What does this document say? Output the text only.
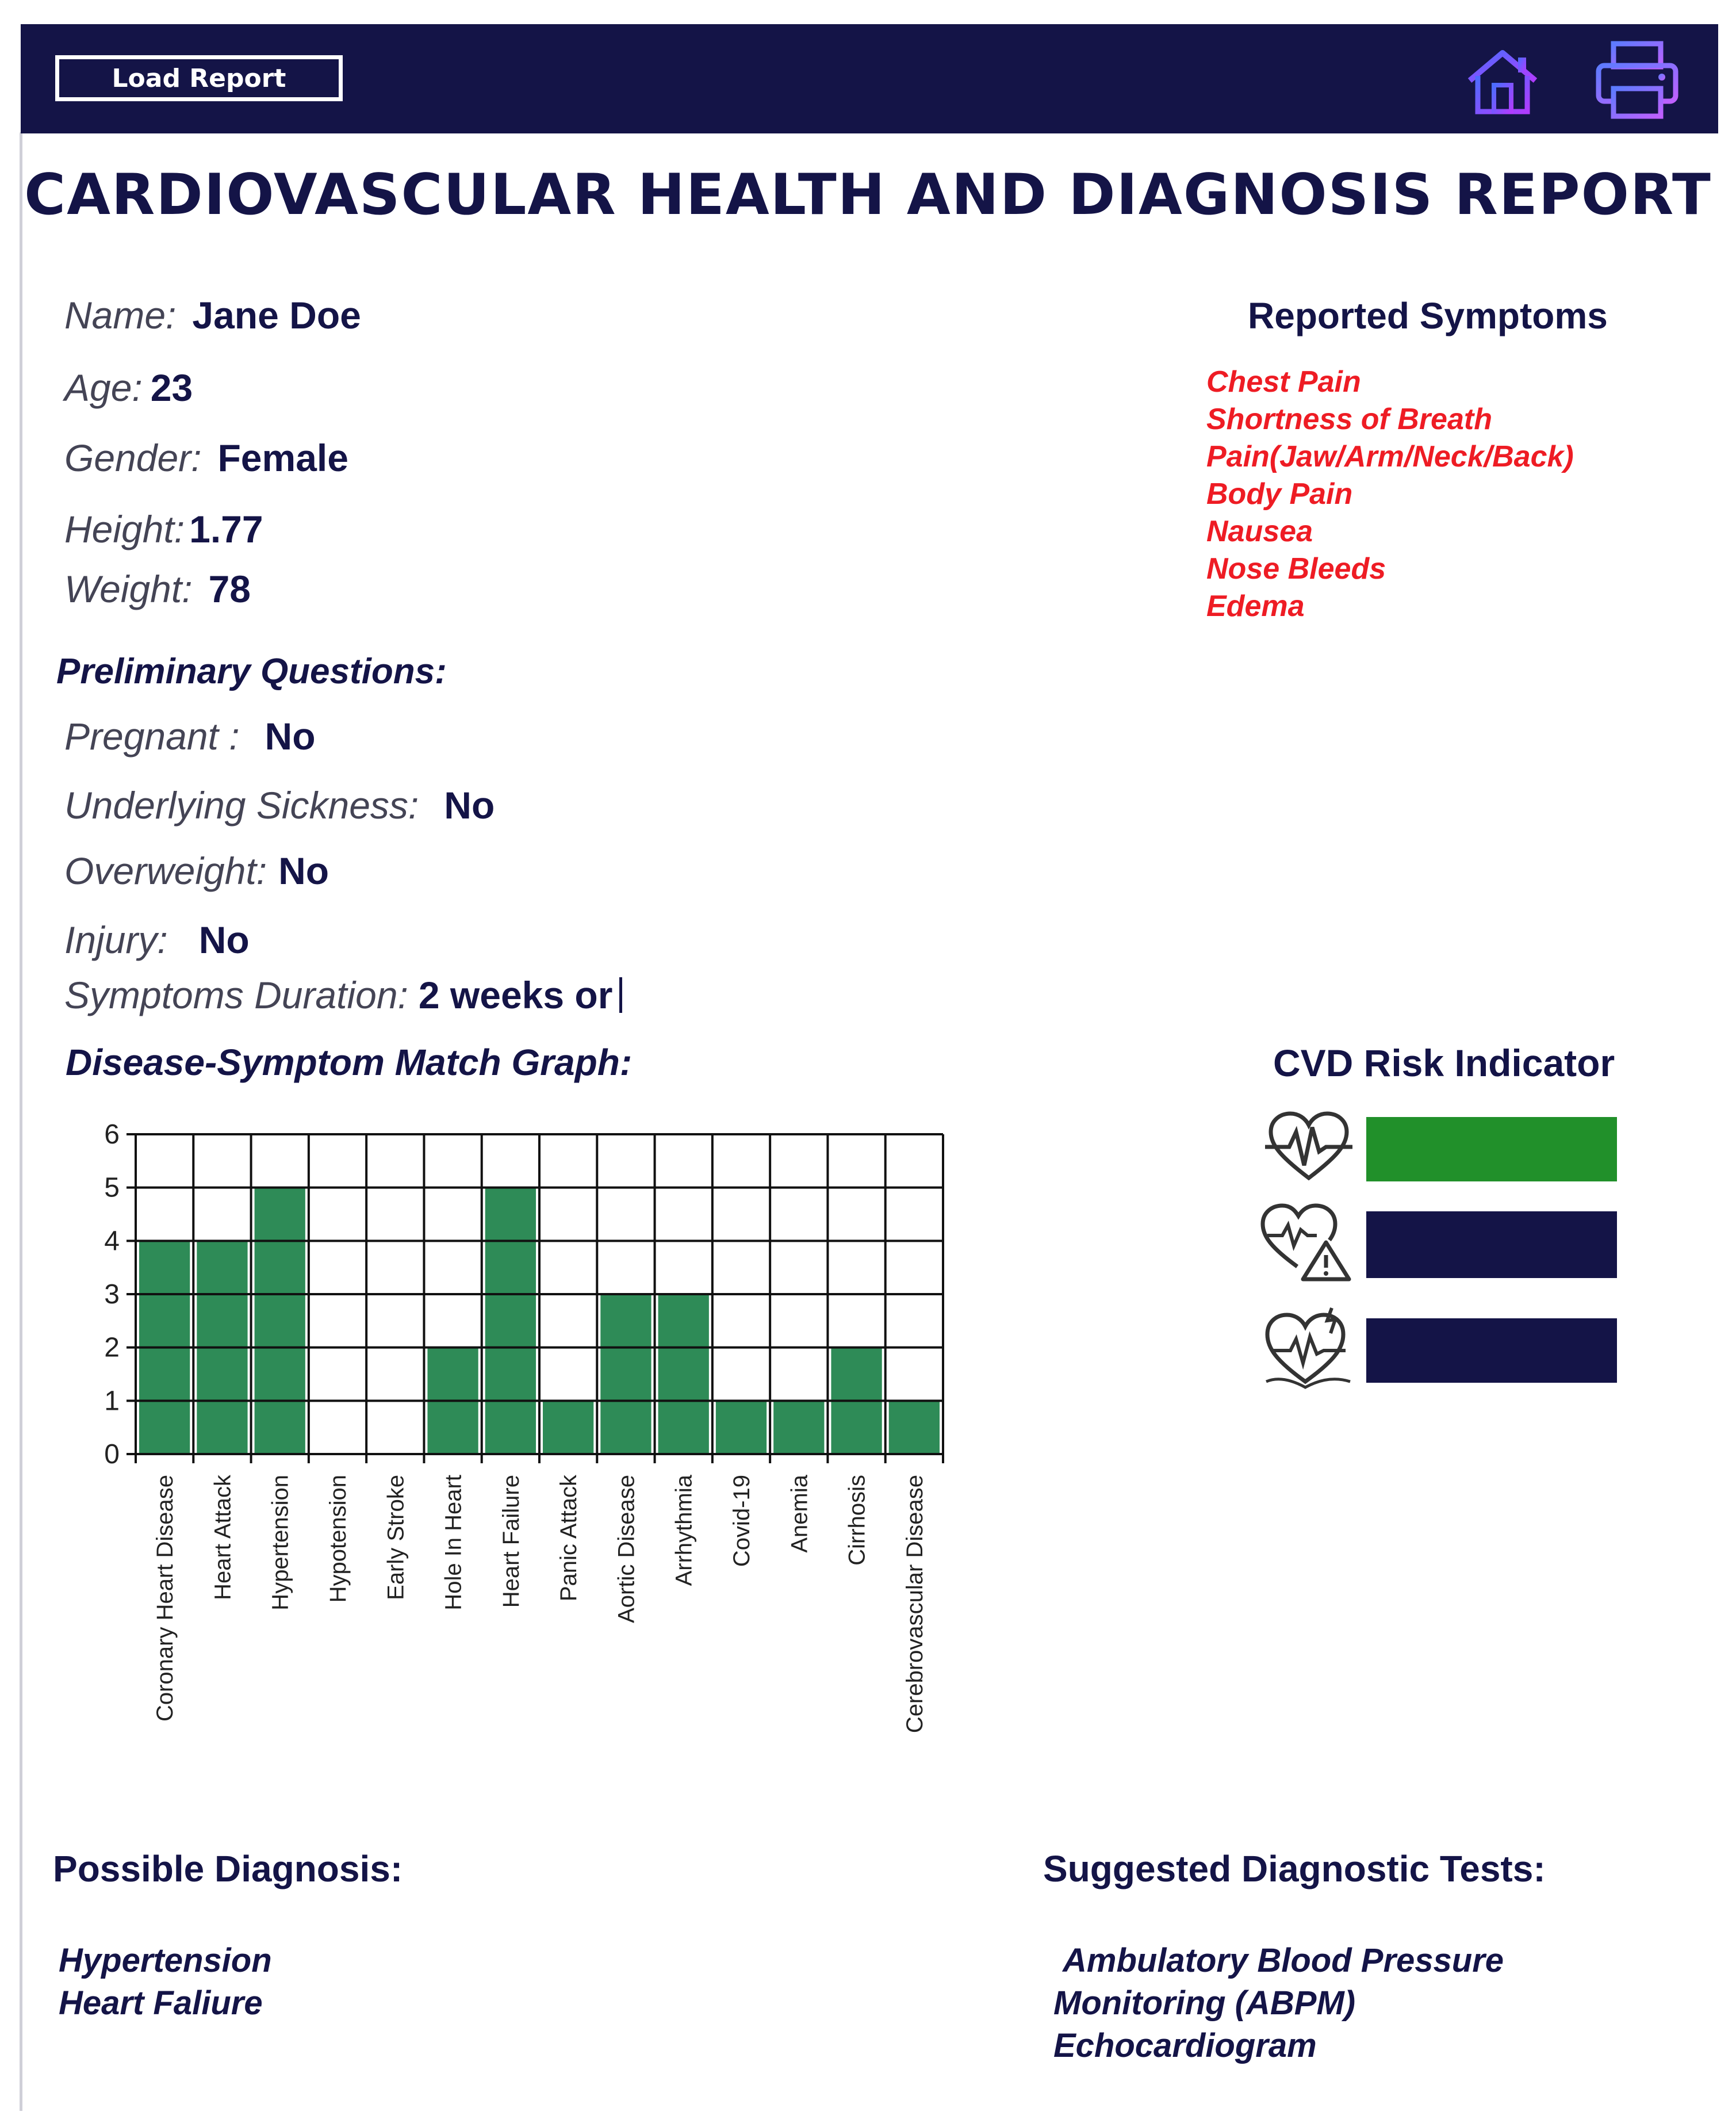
Load Report
CARDIOVASCULAR HEALTH AND DIAGNOSIS REPORT
Name: Jane Doe
Age: 23
Gender: Female
Height: 1.77
Weight: 78
Preliminary Questions:
Pregnant : No
Underlying Sickness: No
Overweight: No
Injury: No
Symptoms Duration: 2 weeks or
Reported Symptoms
Chest Pain
Shortness of Breath
Pain(Jaw/Arm/Neck/Back)
Body Pain
Nausea
Nose Bleeds
Edema
Disease-Symptom Match Graph:
0
1
2
3
4
5
6
Coronary Heart Disease Heart Attack Hypertension Hypotension Early Stroke Hole In Heart Heart Failure Panic Attack Aortic Disease Arrhythmia Covid-19 Anemia Cirrhosis Cerebrovascular Disease
CVD Risk Indicator
Possible Diagnosis:
Hypertension
Heart Faliure
Suggested Diagnostic Tests:
Ambulatory Blood Pressure
Monitoring (ABPM)
Echocardiogram
